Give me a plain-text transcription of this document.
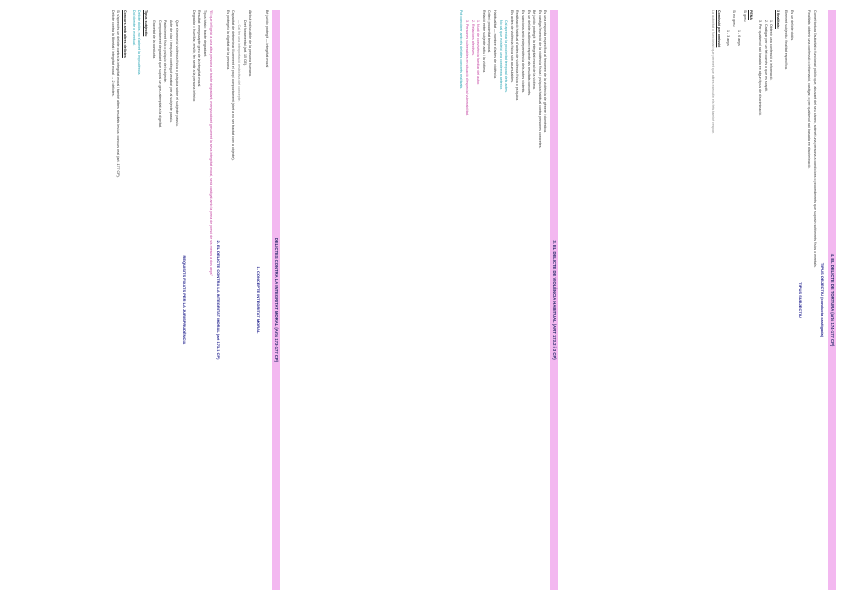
DELICTES CONTRA LA INTEGRITAT MORAL (Arts 173-177 CP)
Bé jurídic protegit — integritat moral
1. CONCEPTE INTEGRITAT MORAL
Atribut indiscutible de la persona humana.
Dret fonamental (art. 15 CE).
— Cal fer una interpretació restrictiva del concepte.
Capacitat de determinar lliurement el propi comportament (dret a no ser tractat com a objecte).
Es protegeix la dignitat de la persona.
2. EL DELICTE CONTRA LA INTEGRITAT MORAL (art 173.1 CP)
"El que infligeixi a una altra persona un tracte degradant, menyscabant greument la seva integritat moral, serà castigat amb la pena de presó de sis mesos a dos anys"
Tipus bàsic: tracte degradant.
Resultat: menyscapte greu de la integritat moral.
Degradar = humiliar, envilir, fer sentir a la persona inferior.
REQUISITS FIXATS PER LA JURISPRUDÈNCIA
Que s'exerceixi violència física o psíquica sobre el subjecte passiu.
Acte de clar i inequívoc contingut vexatori per al subjecte passiu.
Padeciment físic o psíquic del subjecte.
Comportament degradant que suposi un greu atemptat a la dignitat.
Gravetat de la conducta.
Tipus subjectiu
Delicte dolós, no s'admet la imprudència.
Dol directe o eventual.
Concurs amb altres delictes
Si s'apreciés un delicte contra la integritat moral i també altres resultats lesius: concurs real (art. 177 CP).
Delicte contra la llibertat i integritat moral → 2 delictes.
3. EL DELICTE DE VIOLÈNCIA HABITUAL (ART 173.2 i 3 CP)
És una resposta específica al fenomen de la violència de gènere i domèstica.
És castiga l'exercici de la violència física i psíquica habitual contra persones concretes.
Bé jurídic protegit: la integritat moral de la víctima.
És un delicte autònom respecte als resultats concrets.
Es sanciona amb independència dels actes violents.
Realització habitual d'actes de violència física o psíquica.
Els actes de violència física són acumulables.
Cal apreciar la proximitat temporal dels actes.
No cal que existeixi una condemna anterior.
Habitualitat — nombre d'actes de violència.
Criteri: proximitat temporal.
Relació entre subjecte actiu i la víctima.
1. Nucli de convivència familiar del autor.
2. Relacions afectives.
3. Persones vulnerables en situació d'especial vulnerabilitat.
Pot concórrer amb els delictes concrets realitzats.
4. EL DELICTE DE TORTURA (arts 174-177 CP)
TIPUS OBJECTIU (conducta castigada)
Comet tortura l'autoritat o funcionari públic que, abusant del seu càrrec, sotmet una persona a condicions o procediments que suposin sofriments físics o mentals.
Finalitats: obtenir una confessió o informació, castigar, o per qualsevol raó basada en discriminació.
TIPUS SUBJECTIU
És un delicte dolós.
Element subjectiu: finalitat específica.
3 finalitats:
1. Obtenir una confessió o informació.
2. Castigar per un fet comès o que es sospiti.
3. Per qualsevol raó basada en algun tipus de discriminació.
PENA
Si greu:
1 - 6 anys
Si no greu:
1 - 3 anys
Comissió per omissió
La autoritat o funcionari que permet que altres executin els fets també respon.
